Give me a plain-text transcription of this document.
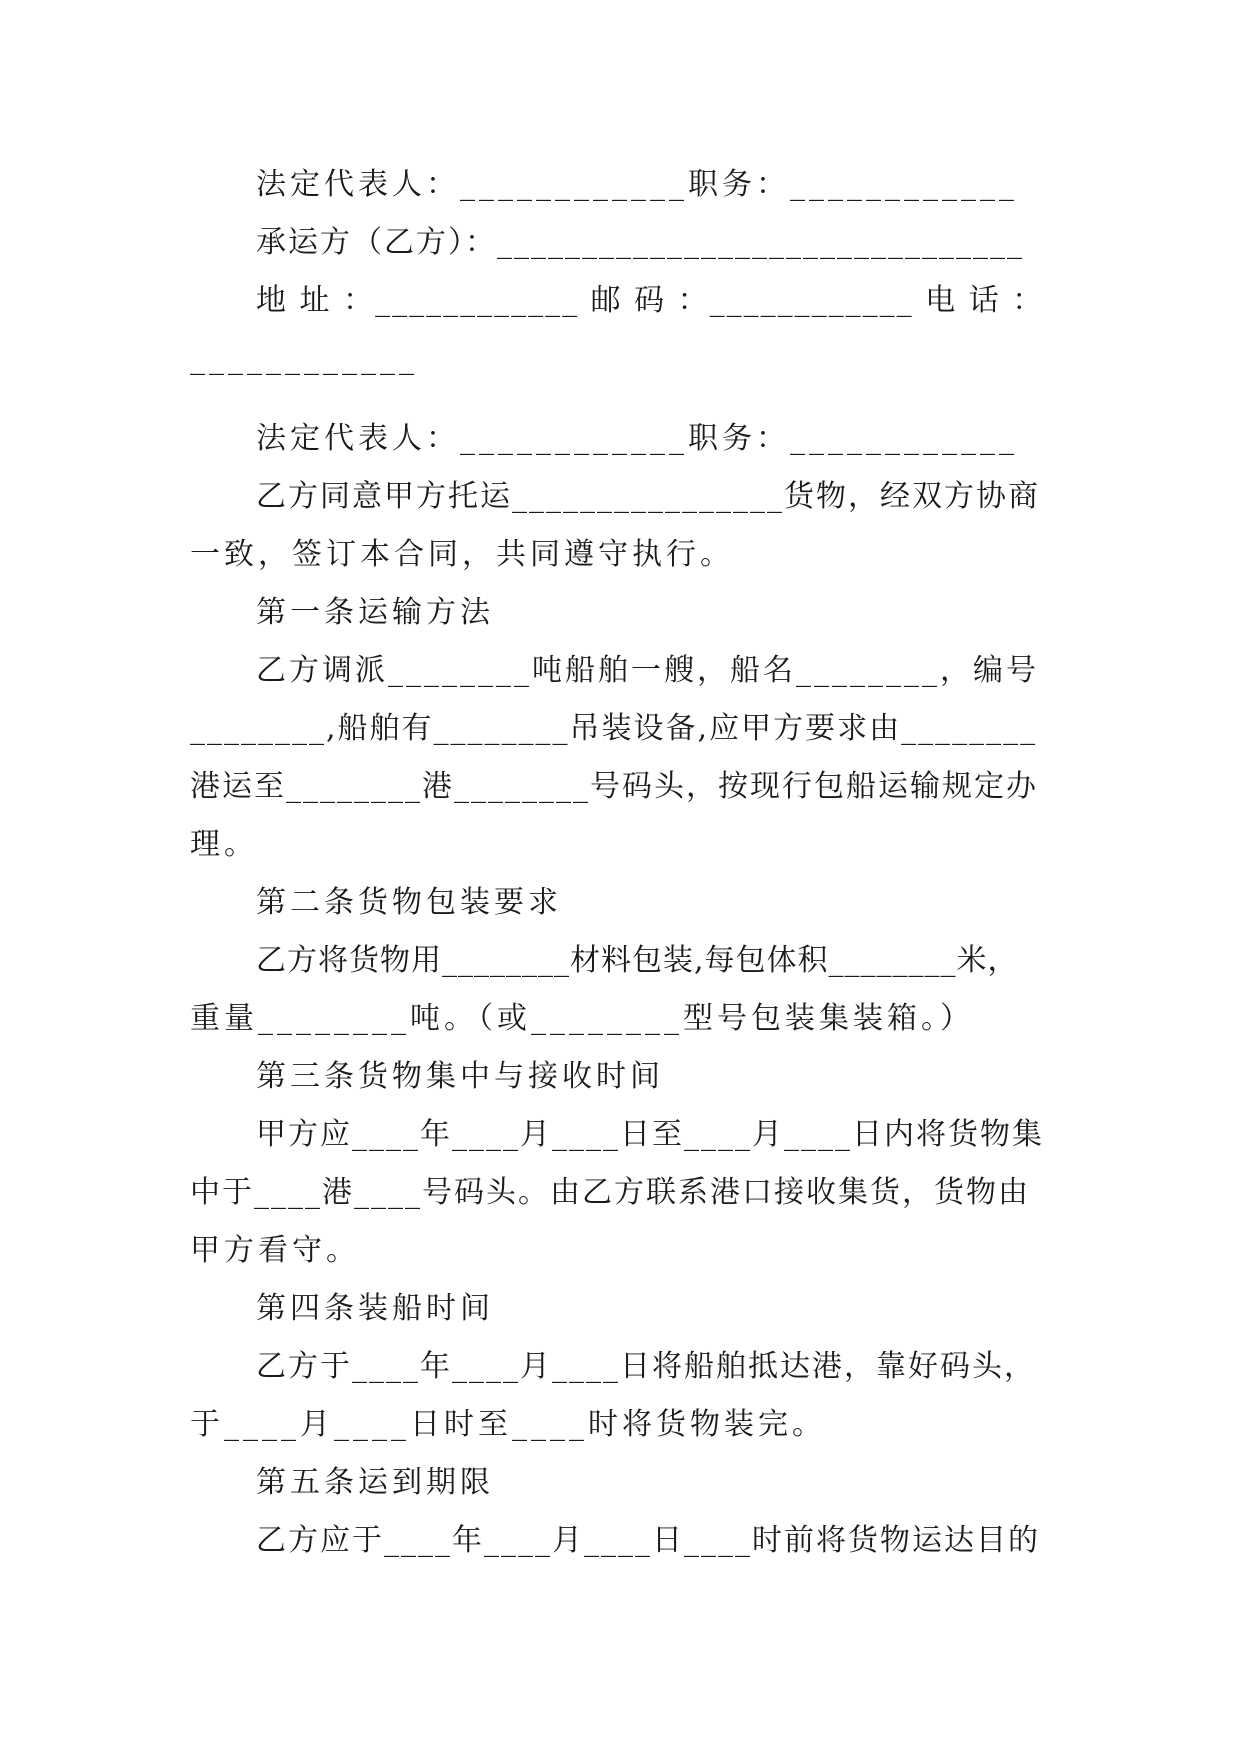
法定代表人：____________职务：____________
承运方（乙方）：_______________________________
地 址 ：____________ 邮 码 ：____________ 电 话 ：
____________
法定代表人：____________职务：____________
乙方同意甲方托运________________货物，经双方协商
一致，签订本合同，共同遵守执行。
第一条运输方法
乙方调派________吨船舶一艘，船名________，编号
________,船舶有________吊装设备,应甲方要求由________
港运至________港________号码头，按现行包船运输规定办
理。
第二条货物包装要求
乙方将货物用________材料包装,每包体积________米，
重量________吨。（或________型号包装集装箱。）
第三条货物集中与接收时间
甲方应____年____月____日至____月____日内将货物集
中于____港____号码头。由乙方联系港口接收集货，货物由
甲方看守。
第四条装船时间
乙方于____年____月____日将船舶抵达港，靠好码头，
于____月____日时至____时将货物装完。
第五条运到期限
乙方应于____年____月____日____时前将货物运达目的
